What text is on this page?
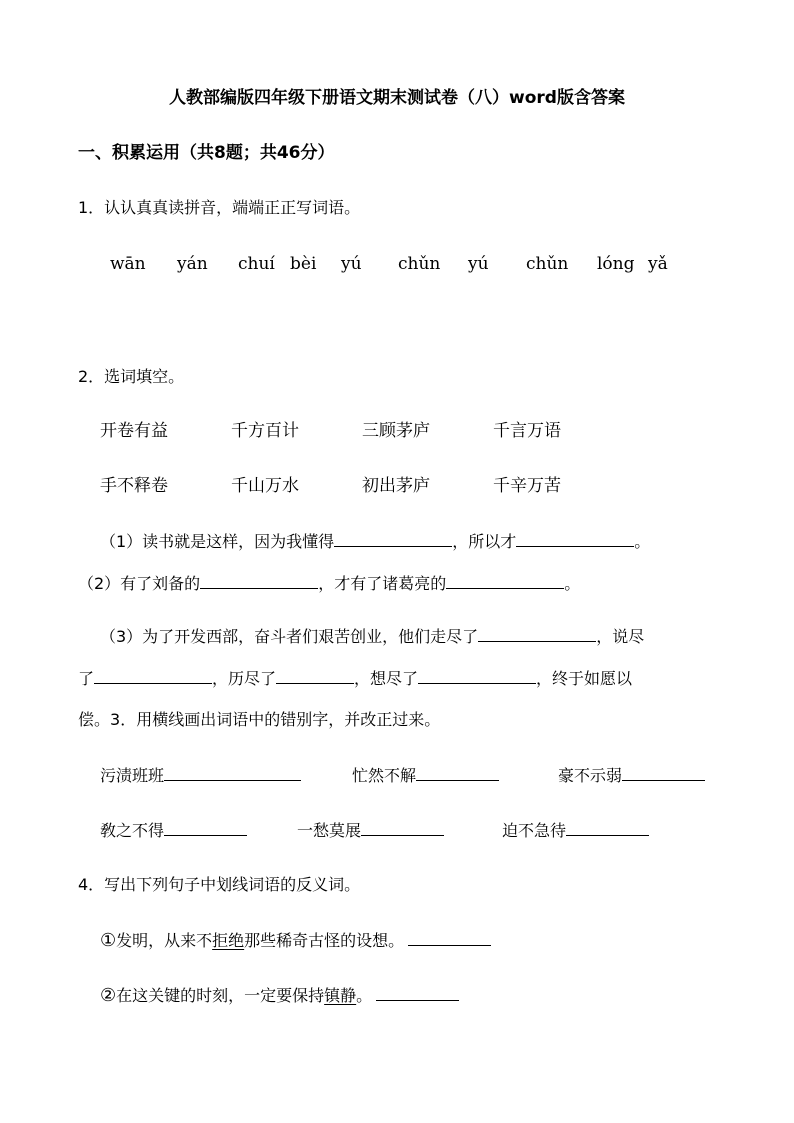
人教部编版四年级下册语文期末测试卷（八）word版含答案
一、积累运用（共8题；共46分）
1．认认真真读拼音，端端正正写词语。
wān yán chuí bèi yú chǔn yú chǔn lóng yǎ
2．选词填空。
开卷有益	千方百计	三顾茅庐	千言万语
手不释卷	千山万水	初出茅庐	千辛万苦
（1）读书就是这样，因为我懂得	，所以才	。
（2）有了刘备的	，才有了诸葛亮的	。
（3）为了开发西部，奋斗者们艰苦创业，他们走尽了	，说尽
了	，历尽了	，想尽了	，终于如愿以
偿。3．用横线画出词语中的错别字，并改正过来。
污渍班班	忙然不解	豪不示弱
敎之不得	一愁莫展	迫不急待
4．写出下列句子中划线词语的反义词。
①发明，从来不拒绝那些稀奇古怪的设想。
②在这关键的时刻，一定要保持镇静。
